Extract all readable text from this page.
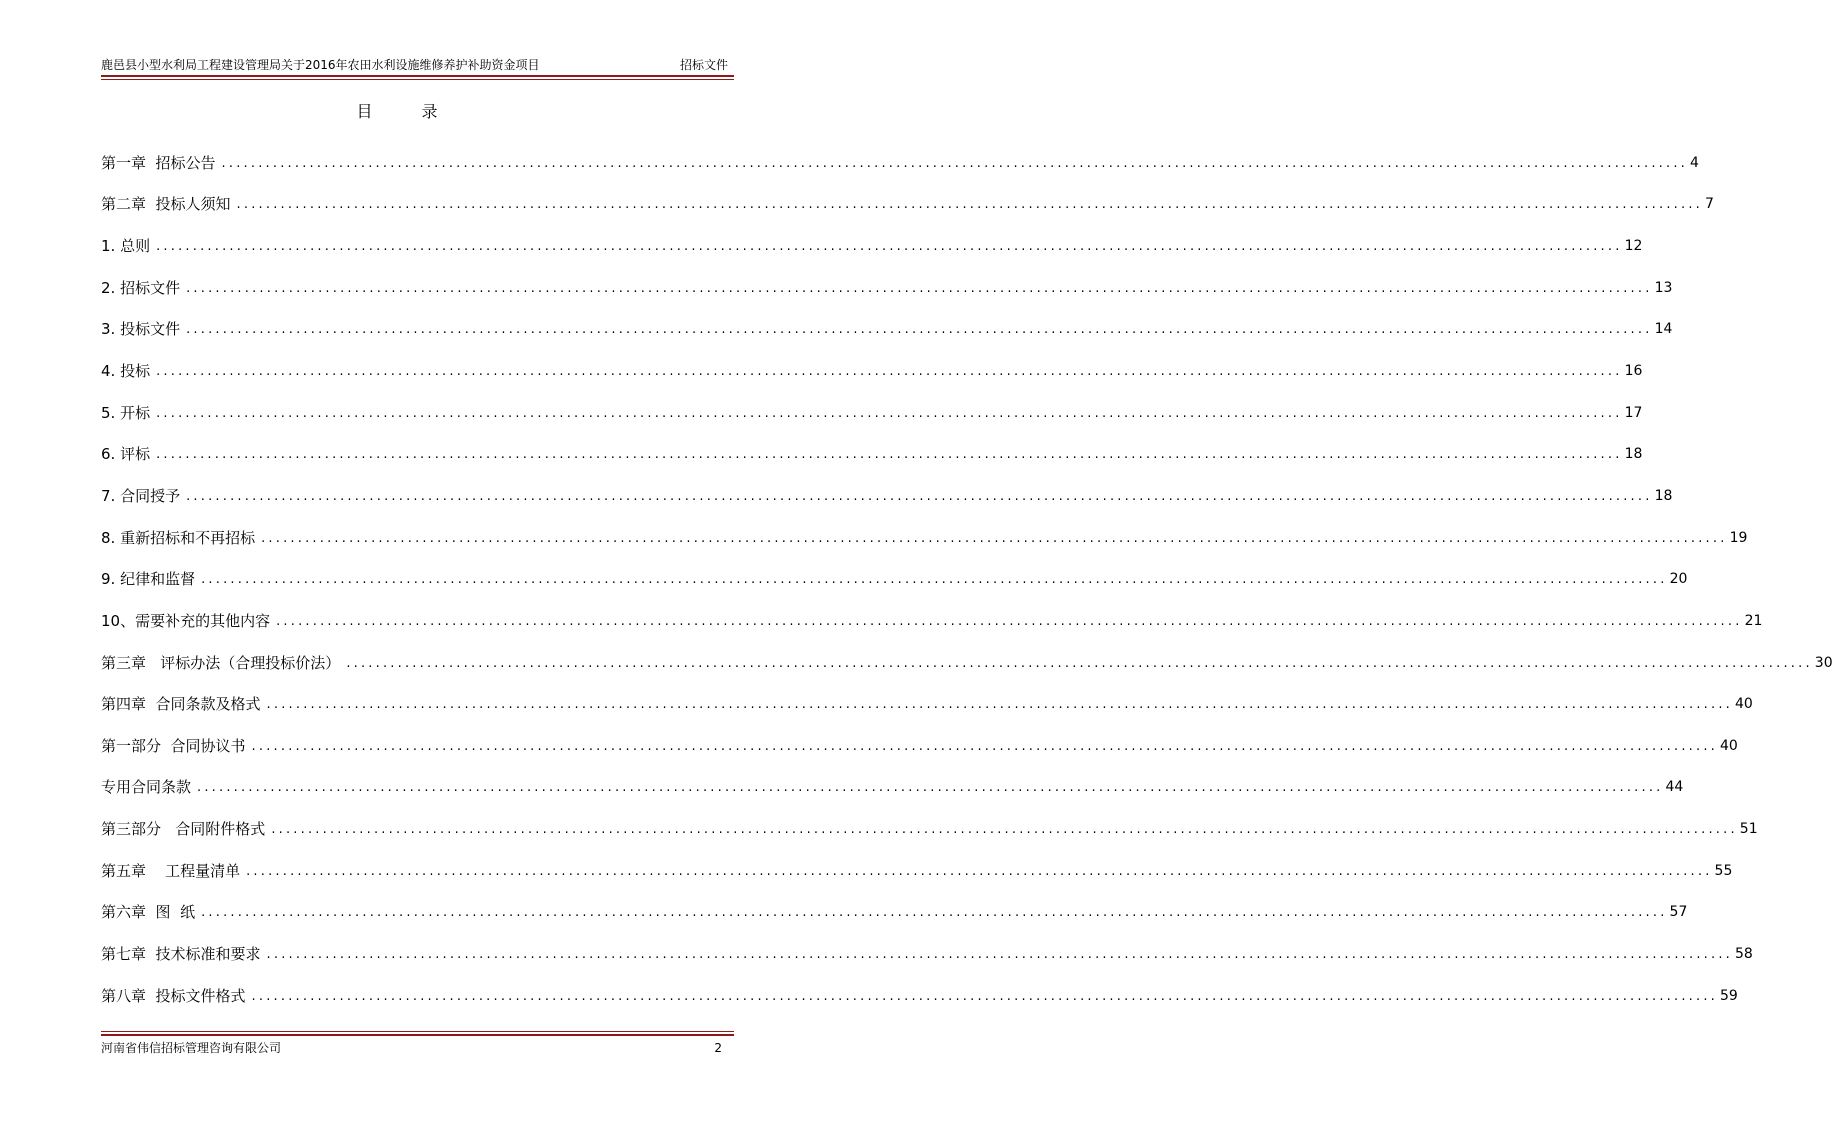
鹿邑县小型水利局工程建设管理局关于2016年农田水利设施维修养护补助资金项目	招标文件
目 录
第一章  招标公告 ........................................................................................................................................................................................................ 4
第二章  投标人须知 ........................................................................................................................................................................................................ 7
1. 总则 ........................................................................................................................................................................................................ 12
2. 招标文件 ........................................................................................................................................................................................................ 13
3. 投标文件 ........................................................................................................................................................................................................ 14
4. 投标 ........................................................................................................................................................................................................ 16
5. 开标 ........................................................................................................................................................................................................ 17
6. 评标 ........................................................................................................................................................................................................ 18
7. 合同授予 ........................................................................................................................................................................................................ 18
8. 重新招标和不再招标 ........................................................................................................................................................................................................ 19
9. 纪律和监督 ........................................................................................................................................................................................................ 20
10、需要补充的其他内容 ........................................................................................................................................................................................................ 21
第三章   评标办法（合理投标价法） ........................................................................................................................................................................................................ 30
第四章  合同条款及格式 ........................................................................................................................................................................................................ 40
第一部分  合同协议书 ........................................................................................................................................................................................................ 40
专用合同条款 ........................................................................................................................................................................................................ 44
第三部分   合同附件格式 ........................................................................................................................................................................................................ 51
第五章    工程量清单 ........................................................................................................................................................................................................ 55
第六章  图  纸 ........................................................................................................................................................................................................ 57
第七章  技术标准和要求 ........................................................................................................................................................................................................ 58
第八章  投标文件格式 ........................................................................................................................................................................................................ 59
河南省伟信招标管理咨询有限公司	2
